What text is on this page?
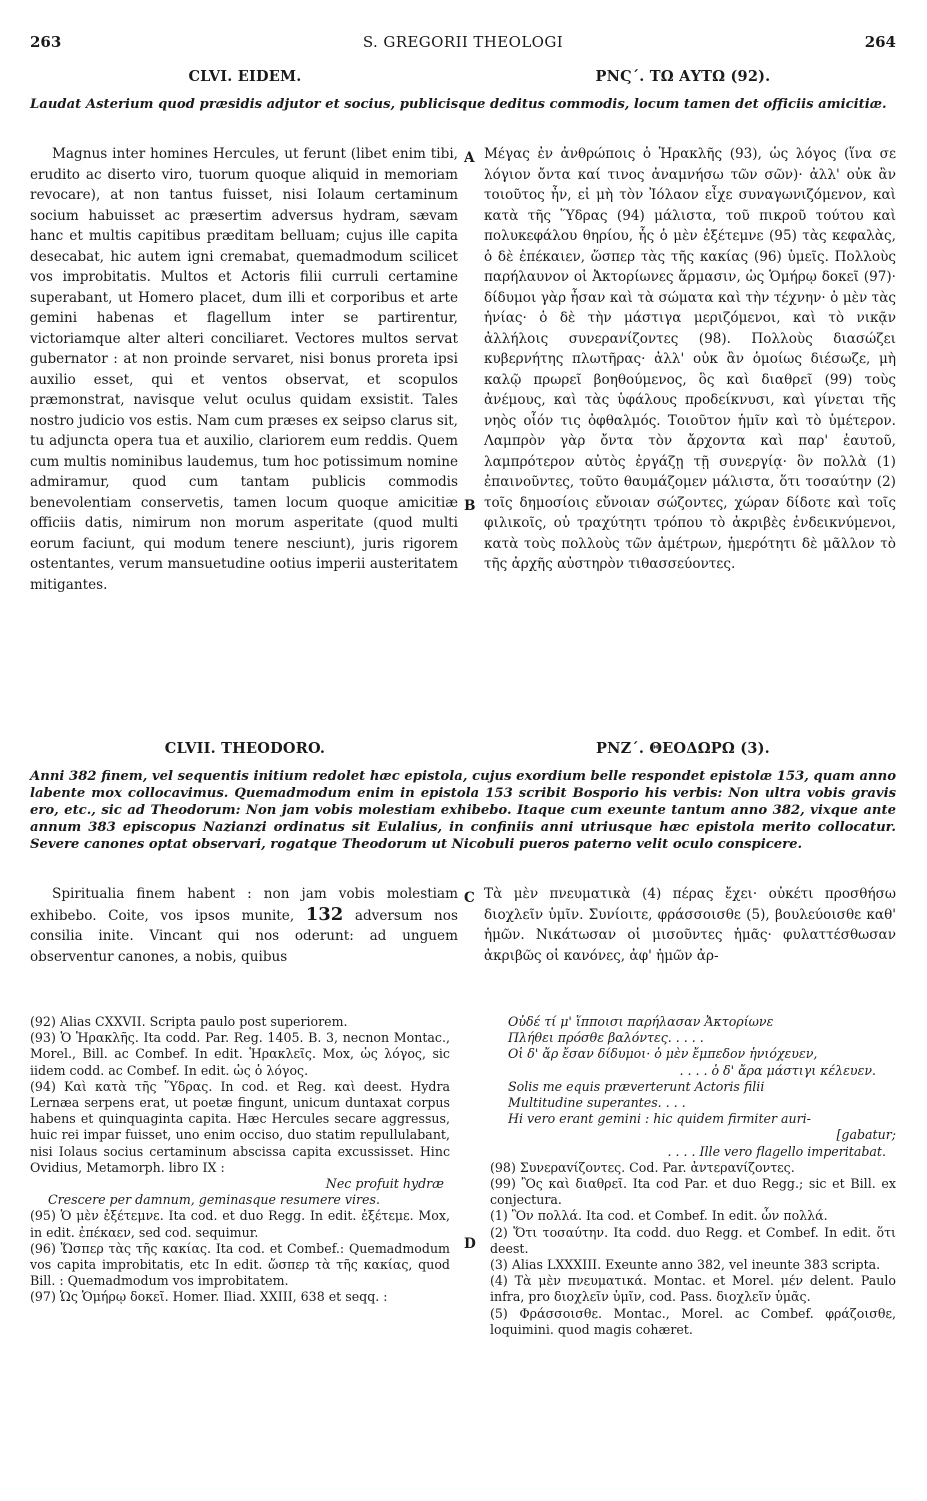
263	S. GREGORII THEOLOGI	264
CLVI. EIDEM.	ΡΝϚ΄. ΤΩ ΑΥΤΩ (92).
Laudat Asterium quod præsidis adjutor et socius, publicisque deditus commodis, locum tamen det officiis amicitiæ.

Magnus inter homines Hercules, ut ferunt (libet enim tibi, erudito ac diserto viro, tuorum quoque aliquid in memoriam revocare), at non tantus fuisset, nisi Iolaum certaminum socium habuisset ac præsertim adversus hydram, sævam hanc et multis capitibus præditam belluam; cujus ille capita desecabat, hic autem igni cremabat, quemadmodum scilicet vos improbitatis. Multos et Actoris filii curruli certamine superabant, ut Homero placet, dum illi et corporibus et arte gemini habenas et flagellum inter se partirentur, victoriamque alter alteri conciliaret. Vectores multos servat gubernator : at non proinde servaret, nisi bonus proreta ipsi auxilio esset, qui et ventos observat, et scopulos præmonstrat, navisque velut oculus quidam exsistit. Tales nostro judicio vos estis. Nam cum præses ex seipso clarus sit, tu adjuncta opera tua et auxilio, clariorem eum reddis. Quem cum multis nominibus laudemus, tum hoc potissimum nomine admiramur, quod cum tantam publicis commodis benevolentiam conservetis, tamen locum quoque amicitiæ officiis datis, nimirum non morum asperitate (quod multi eorum faciunt, qui modum tenere nesciunt), juris rigorem ostentantes, verum mansuetudine ootius imperii austeritatem mitigantes.

Μέγας ἐν ἀνθρώποις ὁ Ἡρακλῆς (93), ὡς λόγος (ἵνα σε λόγιον ὄντα καί τινος ἀναμνήσω τῶν σῶν)· ἀλλ' οὐκ ἂν τοιοῦτος ἦν, εἰ μὴ τὸν Ἰόλαον εἶχε συναγωνιζόμενον, καὶ κατὰ τῆς Ὕδρας (94) μάλιστα, τοῦ πικροῦ τούτου καὶ πολυκεφάλου θηρίου, ἧς ὁ μὲν ἐξέτεμνε (95) τὰς κεφαλὰς, ὁ δὲ ἐπέκαιεν, ὥσπερ τὰς τῆς κακίας (96) ὑμεῖς. Πολλοὺς παρήλαυνον οἱ Ἀκτορίωνες ἅρμασιν, ὡς Ὁμήρῳ δοκεῖ (97)· δίδυμοι γὰρ ἦσαν καὶ τὰ σώματα καὶ τὴν τέχνην· ὁ μὲν τὰς ἡνίας· ὁ δὲ τὴν μάστιγα μεριζόμενοι, καὶ τὸ νικᾷν ἀλλήλοις συνερανίζοντες (98). Πολλοὺς διασώζει κυβερνήτης πλωτῆρας· ἀλλ' οὐκ ἂν ὁμοίως διέσωζε, μὴ καλῷ πρωρεῖ βοηθούμενος, ὃς καὶ διαθρεῖ (99) τοὺς ἀνέμους, καὶ τὰς ὑφάλους προδείκνυσι, καὶ γίνεται τῆς νηὸς οἷόν τις ὀφθαλμός. Τοιοῦτον ἡμῖν καὶ τὸ ὑμέτερον. Λαμπρὸν γὰρ ὄντα τὸν ἄρχοντα καὶ παρ' ἑαυτοῦ, λαμπρότερον αὐτὸς ἐργάζῃ τῇ συνεργίᾳ· ὃν πολλὰ (1) ἐπαινοῦντες, τοῦτο θαυμάζομεν μάλιστα, ὅτι τοσαύτην (2) τοῖς δημοσίοις εὔνοιαν σώζοντες, χώραν δίδοτε καὶ τοῖς φιλικοῖς, οὐ τραχύτητι τρόπου τὸ ἀκριβὲς ἐνδεικνύμενοι, κατὰ τοὺς πολλοὺς τῶν ἀμέτρων, ἡμερότητι δὲ μᾶλλον τὸ τῆς ἀρχῆς αὐστηρὸν τιθασσεύοντες.

A
B
CLVII. THEODORO.	ΡΝΖ΄. ΘΕΟΔΩΡΩ (3).
Anni 382 finem, vel sequentis initium redolet hæc epistola, cujus exordium belle respondet epistolæ 153, quam anno labente mox collocavimus. Quemadmodum enim in epistola 153 scribit Bosporio his verbis: Non ultra vobis gravis ero, etc., sic ad Theodorum: Non jam vobis molestiam exhibebo. Itaque cum exeunte tantum anno 382, vixque ante annum 383 episcopus Nazianzi ordinatus sit Eulalius, in confiniis anni utriusque hæc epistola merito collocatur. Severe canones optat observari, rogatque Theodorum ut Nicobuli pueros paterno velit oculo conspicere.

Spiritualia finem habent : non jam vobis molestiam exhibebo. Coite, vos ipsos munite, 132 adversum nos consilia inite. Vincant qui nos oderunt: ad unguem observentur canones, a nobis, quibus

Τὰ μὲν πνευματικὰ (4) πέρας ἔχει· οὐκέτι προσθήσω διοχλεῖν ὑμῖν. Συνίοιτε, φράσσοισθε (5), βουλεύοισθε καθ' ἡμῶν. Νικάτωσαν οἱ μισοῦντες ἡμᾶς· φυλαττέσθωσαν ἀκριβῶς οἱ κανόνες, ἀφ' ἡμῶν ἀρ-

C
D

(92) Alias CXXVII. Scripta paulo post superiorem.

(93) Ὁ Ἡρακλῆς. Ita codd. Par. Reg. 1405. B. 3, necnon Montac., Morel., Bill. ac Combef. In edit. Ἡρακλεῖς. Mox, ὡς λόγος, sic iidem codd. ac Combef. In edit. ὡς ὁ λόγος.

(94) Καὶ κατὰ τῆς Ὕδρας. In cod. et Reg. καὶ deest. Hydra Lernæa serpens erat, ut poetæ fingunt, unicum duntaxat corpus habens et quinquaginta capita. Hæc Hercules secare aggressus, huic rei impar fuisset, uno enim occiso, duo statim repullulabant, nisi Iolaus socius certaminum abscissa capita excussisset. Hinc Ovidius, Metamorph. libro IX :

Nec profuit hydræ

Crescere per damnum, geminasque resumere vires.

(95) Ὁ μὲν ἐξέτεμνε. Ita cod. et duo Regg. In edit. ἐξέτεμε. Mox, in edit. ἐπέκαεν, sed cod. sequimur.

(96) Ὥσπερ τὰς τῆς κακίας. Ita cod. et Combef.: Quemadmodum vos capita improbitatis, etc In edit. ὥσπερ τὰ τῆς κακίας, quod Bill. : Quemadmodum vos improbitatem.

(97) Ὡς Ὁμήρῳ δοκεῖ. Homer. Iliad. XXIII, 638 et seqq. :

Οὐδέ τί μ' ἵπποισι παρήλασαν Ἀκτορίωνε

Πλήθει πρόσθε βαλόντες. . . . .

Οἱ δ' ἄρ ἔσαν δίδυμοι· ὁ μὲν ἔμπεδον ἡνιόχευεν,

. . . . ὁ δ' ἄρα μάστιγι κέλευεν.

Solis me equis præverterunt Actoris filii

Multitudine superantes. . . .

Hi vero erant gemini : hic quidem firmiter auri-

[gabatur;

. . . . Ille vero flagello imperitabat.

(98) Συνεραvίζοντες. Cod. Par. ἀντεραvίζοντες.

(99) Ὃς καὶ διαθρεῖ. Ita cod Par. et duo Regg.; sic et Bill. ex conjectura.

(1) Ὃν πολλά. Ita cod. et Combef. In edit. ὧν πολλά.

(2) Ὅτι τοσαύτην. Ita codd. duo Regg. et Combef. In edit. ὅτι deest.

(3) Alias LXXXIII. Exeunte anno 382, vel ineunte 383 scripta.

(4) Τὰ μὲν πνευματικά. Montac. et Morel. μέν delent. Paulo infra, pro διοχλεῖν ὑμῖν, cod. Pass. διοχλεῖν ὑμᾶς.

(5) Φράσσοισθε. Montac., Morel. ac Combef. φράζοισθε, loquimini. quod magis cohæret.
